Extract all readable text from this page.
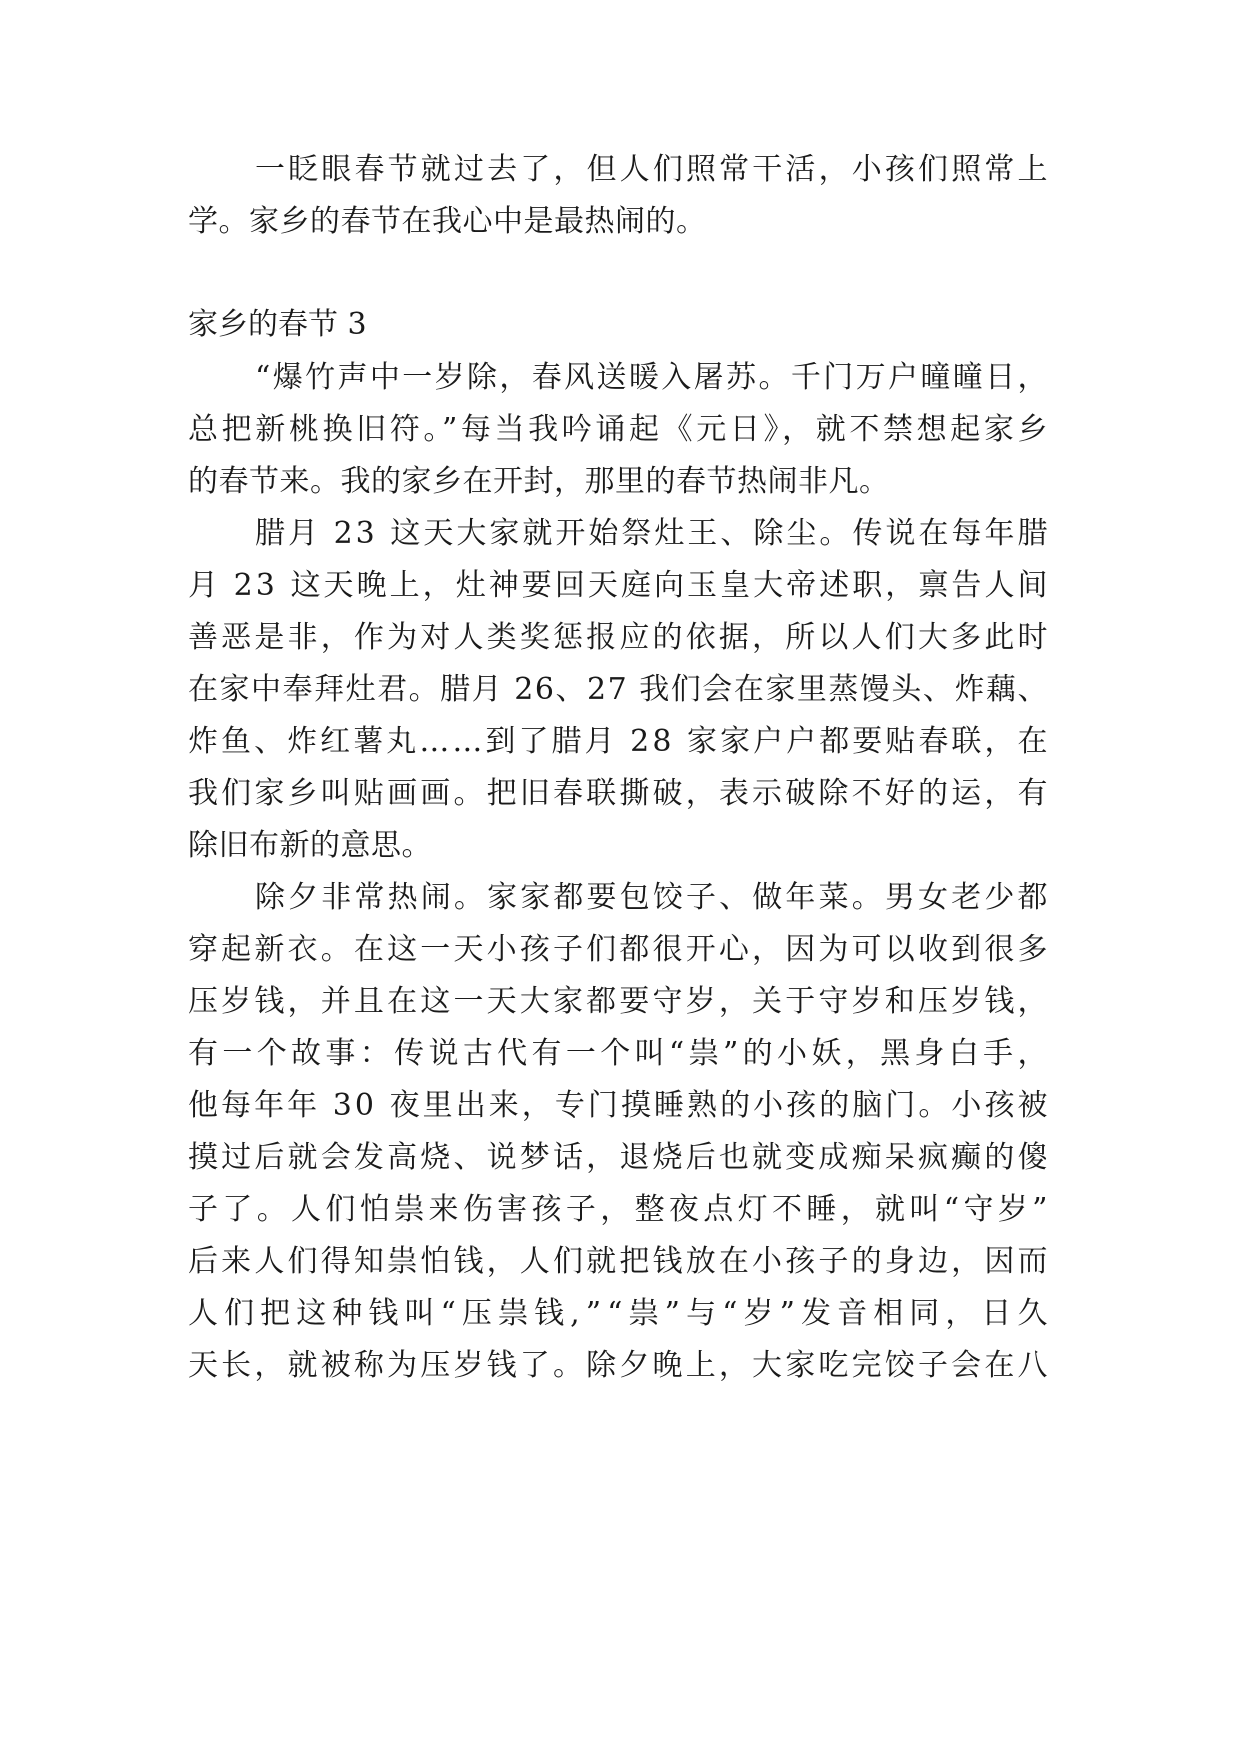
一眨眼春节就过去了，但人们照常干活，小孩们照常上
学。家乡的春节在我心中是最热闹的。
家乡的春节 3
“爆竹声中一岁除，春风送暖入屠苏。千门万户曈曈日，
总把新桃换旧符。”每当我吟诵起《元日》，就不禁想起家乡
的春节来。我的家乡在开封，那里的春节热闹非凡。
腊月 23 这天大家就开始祭灶王、除尘。传说在每年腊
月 23 这天晚上，灶神要回天庭向玉皇大帝述职，禀告人间
善恶是非，作为对人类奖惩报应的依据，所以人们大多此时
在家中奉拜灶君。腊月 26、27 我们会在家里蒸馒头、炸藕、
炸鱼、炸红薯丸……到了腊月 28 家家户户都要贴春联，在
我们家乡叫贴画画。把旧春联撕破，表示破除不好的运，有
除旧布新的意思。
除夕非常热闹。家家都要包饺子、做年菜。男女老少都
穿起新衣。在这一天小孩子们都很开心，因为可以收到很多
压岁钱，并且在这一天大家都要守岁，关于守岁和压岁钱，
有一个故事：传说古代有一个叫“祟”的小妖，黑身白手，
他每年年 30 夜里出来，专门摸睡熟的小孩的脑门。小孩被
摸过后就会发高烧、说梦话，退烧后也就变成痴呆疯癫的傻
子了。人们怕祟来伤害孩子，整夜点灯不睡，就叫“守岁”
后来人们得知祟怕钱，人们就把钱放在小孩子的身边，因而
人们把这种钱叫“压祟钱,”“祟”与“岁”发音相同，日久
天长，就被称为压岁钱了。除夕晚上，大家吃完饺子会在八
